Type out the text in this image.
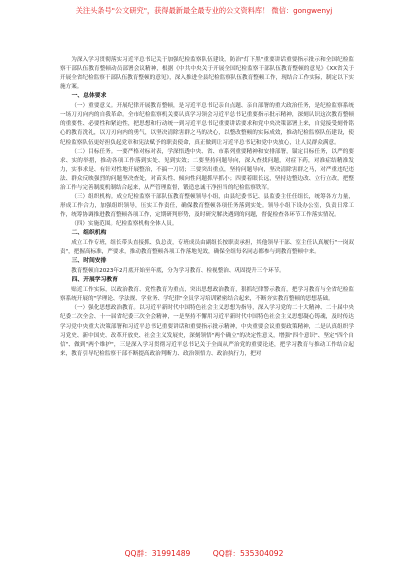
关注头条号"公文研究"，获得最新最全最专业的公文资料库！ 微信：gongwenyj

为深入学习贯彻落实习近平总书记关于加强纪检监察队伍建设，防治"灯下黑"重要讲话重要指示批示和全国纪检监察干部队伍教育整顿动员部署会议精神，根据《中共中央关于开展全国纪检监察干部队伍教育整顿的意见》《XX省关于开展全省纪检监察干部队伍教育整顿的意见》，深入推进全县纪检监察队伍教育整顿工作，现结合工作实际，制定以下实施方案。

一、总体要求

（一）重要意义。开展纪律开展教育整顿，是习近平总书记亲自点题、亲自部署的重大政治任务，是纪检监察系统一场刀刃向内的自我革命。全市纪检监察机关要认真学习领会习近平总书记重要指示批示精神，深刻认识这次教育整顿的重要性、必要性和紧迫性，把思想和行动统一到习近平总书记重要讲话要求和党中央决策部署上来，自觉接受刻骨铭心的教育洗礼，以刀刃向内的勇气，以坚决清除害群之马的决心，以整改整顿的实际成效，推动纪检监察队伍建设，使纪检监察队伍更好担负起党章和宪法赋予的职责使命，真正做到让习近平总书记和党中央放心，让人民群众满意。

（二）目标任务。一要严格对标对表，学深悟透中央、省、市系列重要精神和安排部署，锚定目标任务，以严的要求、实的举措，推动各项工作落到实处、见到实效；二要坚持问题导向，深入查找问题，对症下药，对准症结精准发力，实事求是、有针对性地开展整治，不搞一刀切；三要突出重点，坚持问题导向，坚决清除害群之马，对严重违纪违法、群众反映强烈的问题坚决查处，对苗头性、倾向性问题抓早抓小；四要着眼长远，坚持边整边改、立行立改，把整治工作与完善制度机制结合起来，从严管理监督，锻造忠诚干净担当的纪检监察铁军。

（三）组织机构。成立纪检监察干部队伍教育整顿领导小组，由县纪委书记、县监委主任任组长，统筹各方力量，形成工作合力，加强组织领导，压实工作责任，确保教育整顿各项任务落到实处。领导小组下设办公室，负责日常工作，统筹协调推进教育整顿各项工作，定期研判形势，及时研究解决遇到的问题，督促检查各环节工作落实情况。

（四）实施范围。纪检监察机构全体人员。

二、组织机构

成立工作专班，组长带头直接抓、负总责，专班成员由副组长按职责承担，其他领导干部、室主任认真履行"一岗双责"，把握高标准，严要求，推动教育整顿各项工作落地见效，确保全组每名同志都参与到教育整顿中来。

三、时间安排

教育整顿自2023年2月底开始至年底，分为学习教育、检视整治、巩固提升三个环节。

四、开展学习教育

贴近工作实际，以政治教育、党性教育为重点，突出思想政治教育，狠抓纪律警示教育，把学习教育与全省纪检监察系统开展的"学理论、学法规、学业务、学纪律"全员学习培训紧密结合起来，不断夯实教育整顿的思想基础。

（一）强化思想政治教育。以习近平新时代中国特色社会主义思想为指导，深入学习党的二十大精神、二十届中央纪委二次全会、十一届省纪委三次全会精神，一是坚持不懈用习近平新时代中国特色社会主义思想凝心铸魂，及时传达学习党中央重大决策部署和习近平总书记重要讲话和重要指示批示精神，中央重要会议重要政策精神，二是认真组织学习党史、新中国史、改革开放史、社会主义发展史，深刻领悟"两个确立"的决定性意义，增强"四个意识"、坚定"四个自信"、做到"两个维护"，三是深入学习贯彻习近平总书记关于全面从严治党的重要论述，把学习教育与推动工作结合起来，教育引导纪检监察干部不断提高政治判断力、政治领悟力、政治执行力，把对

QQ群：31991489	QQ群：535304092
